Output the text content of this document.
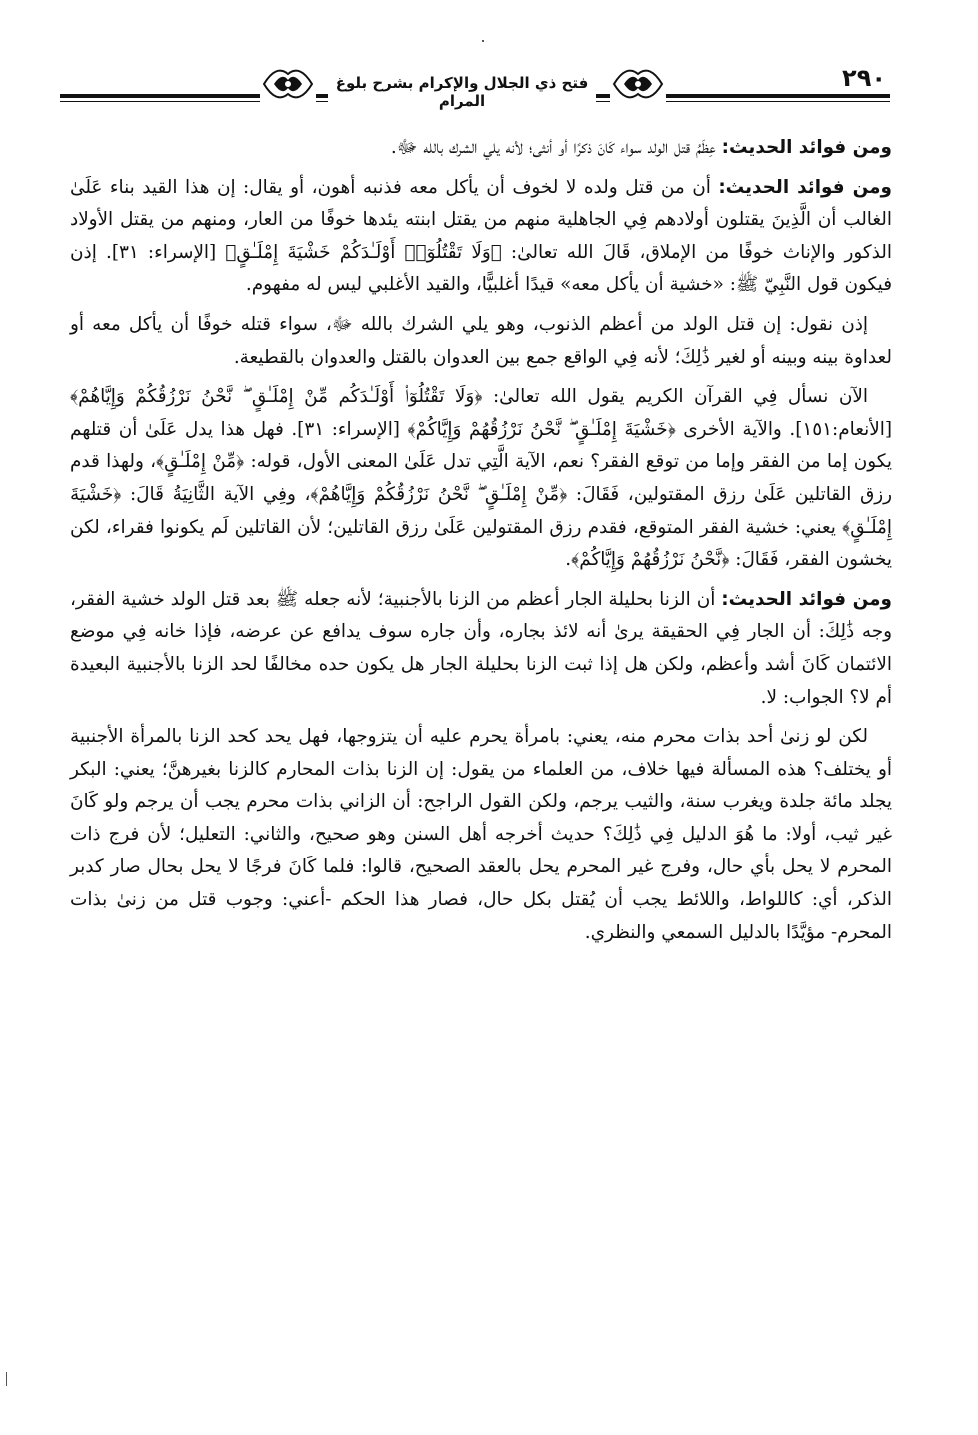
فتح ذي الجلال والإكرام بشرح بلوغ المرام
٢٩٠

ومن فوائد الحديث: عِظَمُ قتل الولد سواء كَانَ ذكرًا أو أنثى؛ لأنه يلي الشرك بالله ﷻ.

ومن فوائد الحديث: أن من قتل ولده لا لخوف أن يأكل معه فذنبه أهون، أو يقال: إن هذا القيد بناء عَلَىٰ الغالب أن الَّذِينَ يقتلون أولادهم فِي الجاهلية منهم من يقتل ابنته يئدها خوفًا من العار، ومنهم من يقتل الأولاد الذكور والإناث خوفًا من الإملاق، قَالَ الله تعالىٰ: ﴿وَلَا تَقْتُلُوٓا۟ أَوْلَـٰدَكُمْ خَشْيَةَ إِمْلَـٰقٍ﴾ [الإسراء: ٣١]. إذن فيكون قول النَّبِيّ ﷺ: «خشية أن يأكل معه» قيدًا أغلبيًّا، والقيد الأغلبي ليس له مفهوم.

إذن نقول: إن قتل الولد من أعظم الذنوب، وهو يلي الشرك بالله ﷻ، سواء قتله خوفًا أن يأكل معه أو لعداوة بينه وبينه أو لغير ذَٰلِكَ؛ لأنه فِي الواقع جمع بين العدوان بالقتل والعدوان بالقطيعة.

الآن نسأل فِي القرآن الكريم يقول الله تعالىٰ: ﴿وَلَا تَقْتُلُوٓا۟ أَوْلَـٰدَكُم مِّنْ إِمْلَـٰقٍ ۖ نَّحْنُ نَرْزُقُكُمْ وَإِيَّاهُمْ﴾ [الأنعام:١٥١]. والآية الأخرى ﴿خَشْيَةَ إِمْلَـٰقٍ ۖ نَّحْنُ نَرْزُقُهُمْ وَإِيَّاكُمْ﴾ [الإسراء: ٣١]. فهل هذا يدل عَلَىٰ أن قتلهم يكون إما من الفقر وإما من توقع الفقر؟ نعم، الآية الَّتِي تدل عَلَىٰ المعنى الأول، قوله: ﴿مِّنْ إِمْلَـٰقٍ﴾، ولهذا قدم رزق القاتلين عَلَىٰ رزق المقتولين، فَقَالَ: ﴿مِّنْ إِمْلَـٰقٍ ۖ نَّحْنُ نَرْزُقُكُمْ وَإِيَّاهُمْ﴾، وفِي الآية الثَّانِيَةُ قَالَ: ﴿خَشْيَةَ إِمْلَـٰقٍ﴾ يعني: خشية الفقر المتوقع، فقدم رزق المقتولين عَلَىٰ رزق القاتلين؛ لأن القاتلين لَم يكونوا فقراء، لكن يخشون الفقر، فَقَالَ: ﴿نَّحْنُ نَرْزُقُهُمْ وَإِيَّاكُمْ﴾.

ومن فوائد الحديث: أن الزنا بحليلة الجار أعظم من الزنا بالأجنبية؛ لأنه جعله ﷺ بعد قتل الولد خشية الفقر، وجه ذَٰلِكَ: أن الجار فِي الحقيقة يرىٰ أنه لائذ بجاره، وأن جاره سوف يدافع عن عرضه، فإذا خانه فِي موضع الائتمان كَانَ أشد وأعظم، ولكن هل إذا ثبت الزنا بحليلة الجار هل يكون حده مخالفًا لحد الزنا بالأجنبية البعيدة أم لا؟ الجواب: لا.

لكن لو زنىٰ أحد بذات محرم منه، يعني: بامرأة يحرم عليه أن يتزوجها، فهل يحد كحد الزنا بالمرأة الأجنبية أو يختلف؟ هذه المسألة فيها خلاف، من العلماء من يقول: إن الزنا بذات المحارم كالزنا بغيرهنَّ؛ يعني: البكر يجلد مائة جلدة ويغرب سنة، والثيب يرجم، ولكن القول الراجح: أن الزاني بذات محرم يجب أن يرجم ولو كَانَ غير ثيب، أولا: ما هُوَ الدليل فِي ذَٰلِكَ؟ حديث أخرجه أهل السنن وهو صحيح، والثاني: التعليل؛ لأن فرج ذات المحرم لا يحل بأي حال، وفرج غير المحرم يحل بالعقد الصحيح، قالوا: فلما كَانَ فرجًا لا يحل بحال صار كدبر الذكر، أي: كاللواط، واللائط يجب أن يُقتل بكل حال، فصار هذا الحكم -أعني: وجوب قتل من زنىٰ بذات المحرم- مؤيَّدًا بالدليل السمعي والنظري.
